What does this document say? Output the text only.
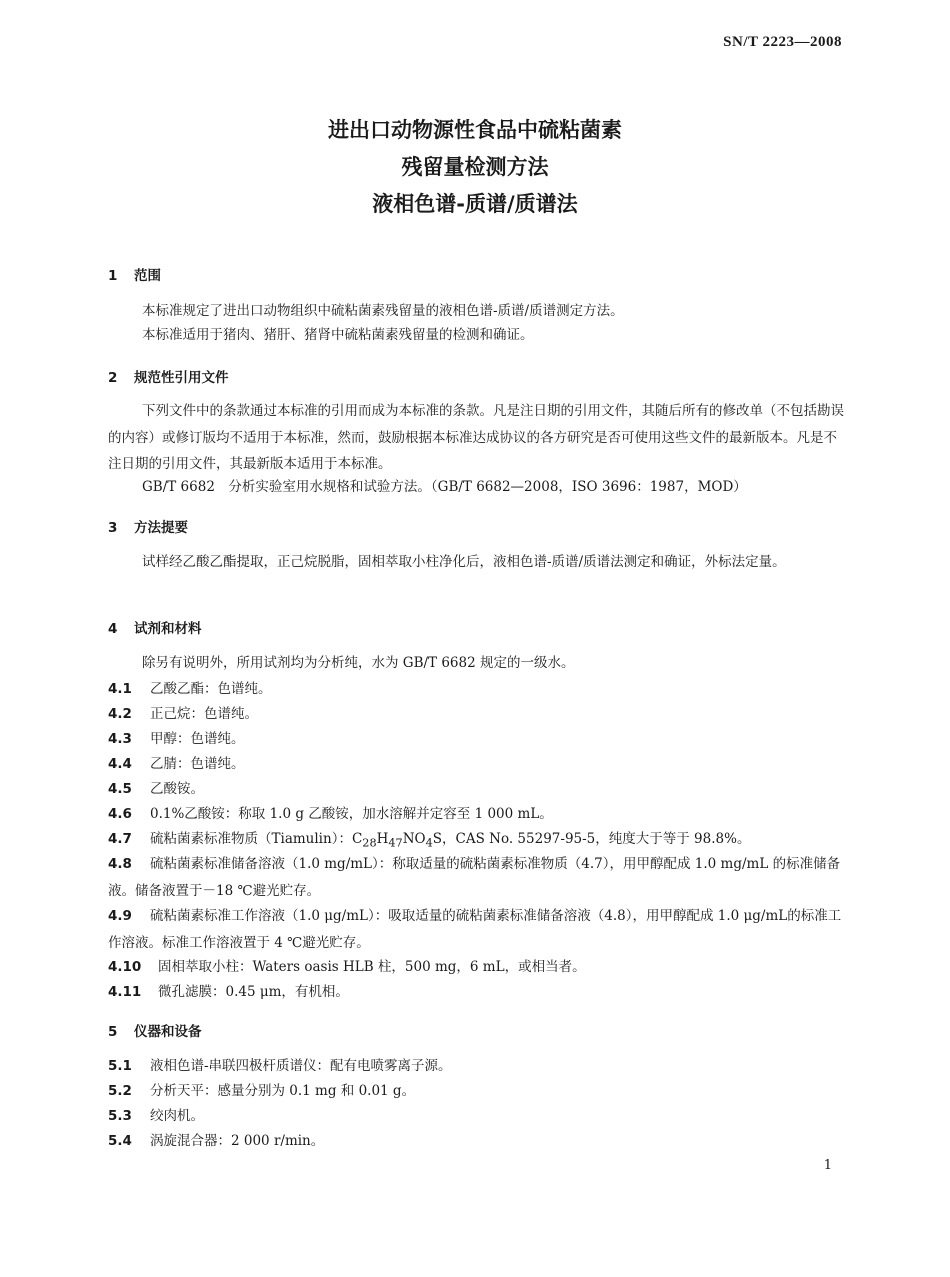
SN/T 2223—2008
进出口动物源性食品中硫粘菌素
残留量检测方法
液相色谱-质谱/质谱法
1 范围
本标准规定了进出口动物组织中硫粘菌素残留量的液相色谱-质谱/质谱测定方法。
本标准适用于猪肉、猪肝、猪肾中硫粘菌素残留量的检测和确证。
2 规范性引用文件
下列文件中的条款通过本标准的引用而成为本标准的条款。凡是注日期的引用文件，其随后所有的修改单（不包括勘误的内容）或修订版均不适用于本标准，然而，鼓励根据本标准达成协议的各方研究是否可使用这些文件的最新版本。凡是不注日期的引用文件，其最新版本适用于本标准。
GB/T 6682　分析实验室用水规格和试验方法。（GB/T 6682—2008，ISO 3696：1987，MOD）
3 方法提要
试样经乙酸乙酯提取，正己烷脱脂，固相萃取小柱净化后，液相色谱-质谱/质谱法测定和确证，外标法定量。
4 试剂和材料
除另有说明外，所用试剂均为分析纯，水为 GB/T 6682 规定的一级水。
4.1 乙酸乙酯：色谱纯。
4.2 正己烷：色谱纯。
4.3 甲醇：色谱纯。
4.4 乙腈：色谱纯。
4.5 乙酸铵。
4.6 0.1%乙酸铵：称取 1.0 g 乙酸铵，加水溶解并定容至 1 000 mL。
4.7 硫粘菌素标准物质（Tiamulin）：$C_{28}H_{47}NO_4S$，CAS No. 55297-95-5，纯度大于等于 98.8%。
4.8 硫粘菌素标准储备溶液（1.0 mg/mL）：称取适量的硫粘菌素标准物质（4.7），用甲醇配成 1.0 mg/mL 的标准储备液。储备液置于－18 ℃避光贮存。
4.9 硫粘菌素标准工作溶液（1.0 μg/mL）：吸取适量的硫粘菌素标准储备溶液（4.8），用甲醇配成 1.0 μg/mL的标准工作溶液。标准工作溶液置于 4 ℃避光贮存。
4.10 固相萃取小柱：Waters oasis HLB 柱，500 mg，6 mL，或相当者。
4.11 微孔滤膜：0.45 μm，有机相。
5 仪器和设备
5.1 液相色谱-串联四极杆质谱仪：配有电喷雾离子源。
5.2 分析天平：感量分别为 0.1 mg 和 0.01 g。
5.3 绞肉机。
5.4 涡旋混合器：2 000 r/min。
1
